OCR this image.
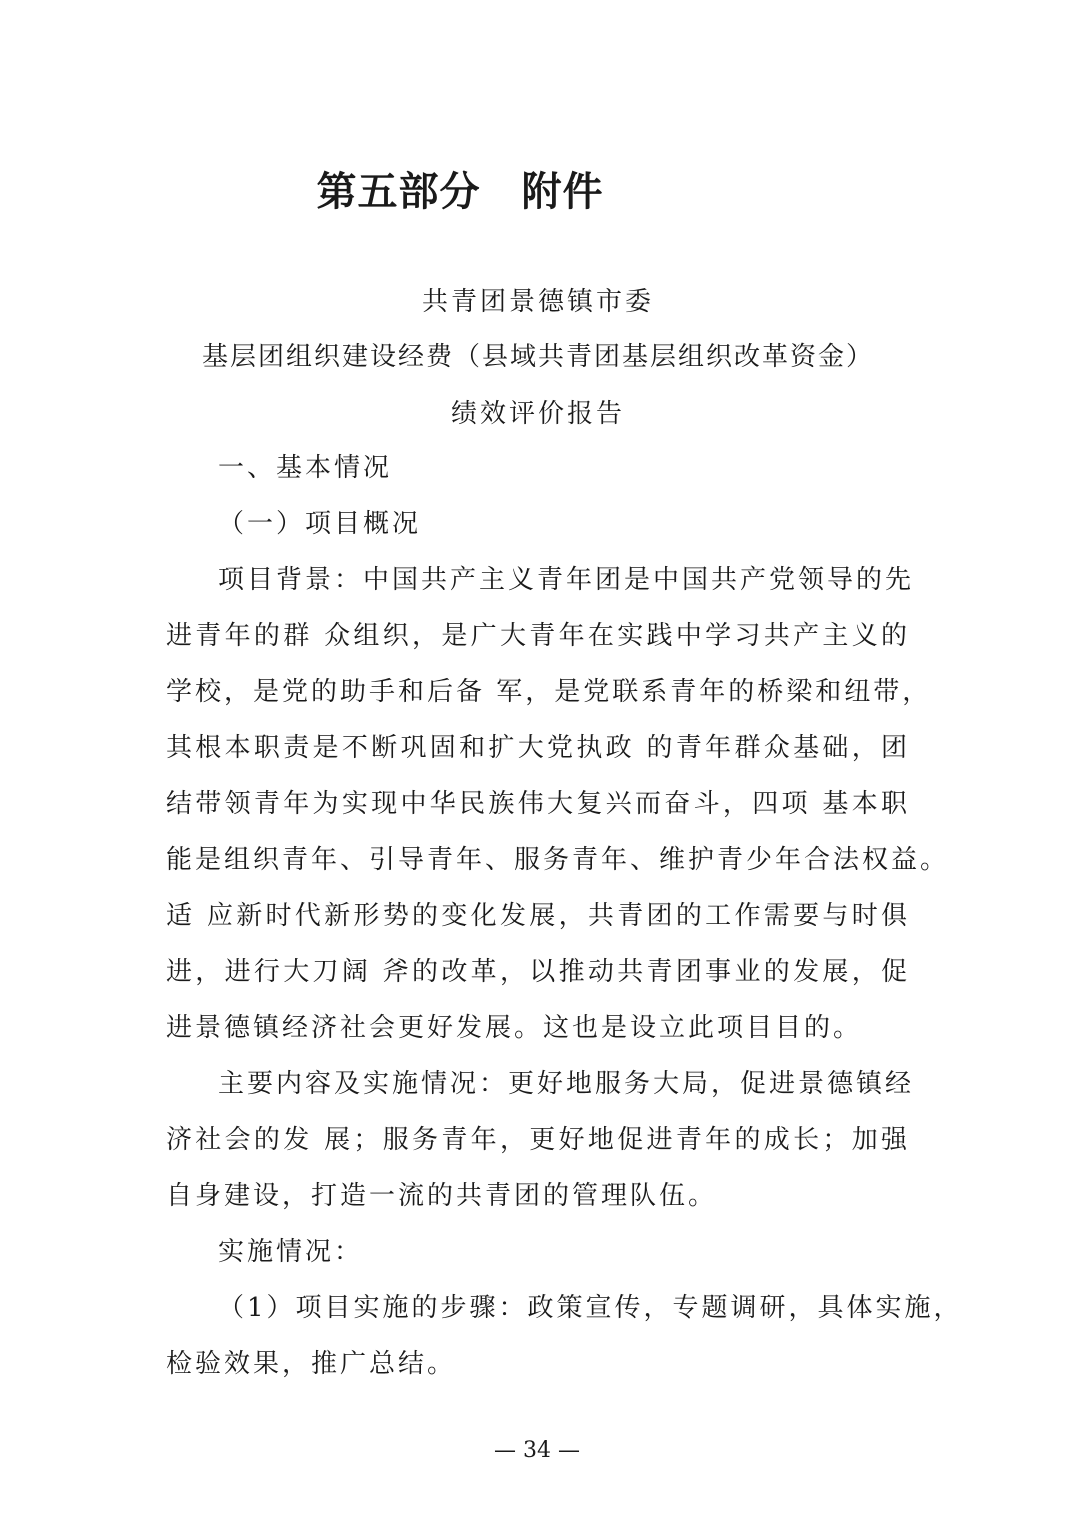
第五部分　附件
共青团景德镇市委
基层团组织建设经费（县域共青团基层组织改革资金）
绩效评价报告
一、基本情况
（一）项目概况
项目背景：中国共产主义青年团是中国共产党领导的先
进青年的群 众组织，是广大青年在实践中学习共产主义的
学校，是党的助手和后备 军，是党联系青年的桥梁和纽带，
其根本职责是不断巩固和扩大党执政 的青年群众基础，团
结带领青年为实现中华民族伟大复兴而奋斗，四项 基本职
能是组织青年、引导青年、服务青年、维护青少年合法权益。
适 应新时代新形势的变化发展，共青团的工作需要与时俱
进，进行大刀阔 斧的改革，以推动共青团事业的发展，促
进景德镇经济社会更好发展。这也是设立此项目目的。
主要内容及实施情况：更好地服务大局，促进景德镇经
济社会的发 展；服务青年，更好地促进青年的成长；加强
自身建设，打造一流的共青团的管理队伍。
实施情况：
（1）项目实施的步骤：政策宣传，专题调研，具体实施，
检验效果，推广总结。
— 34 —
